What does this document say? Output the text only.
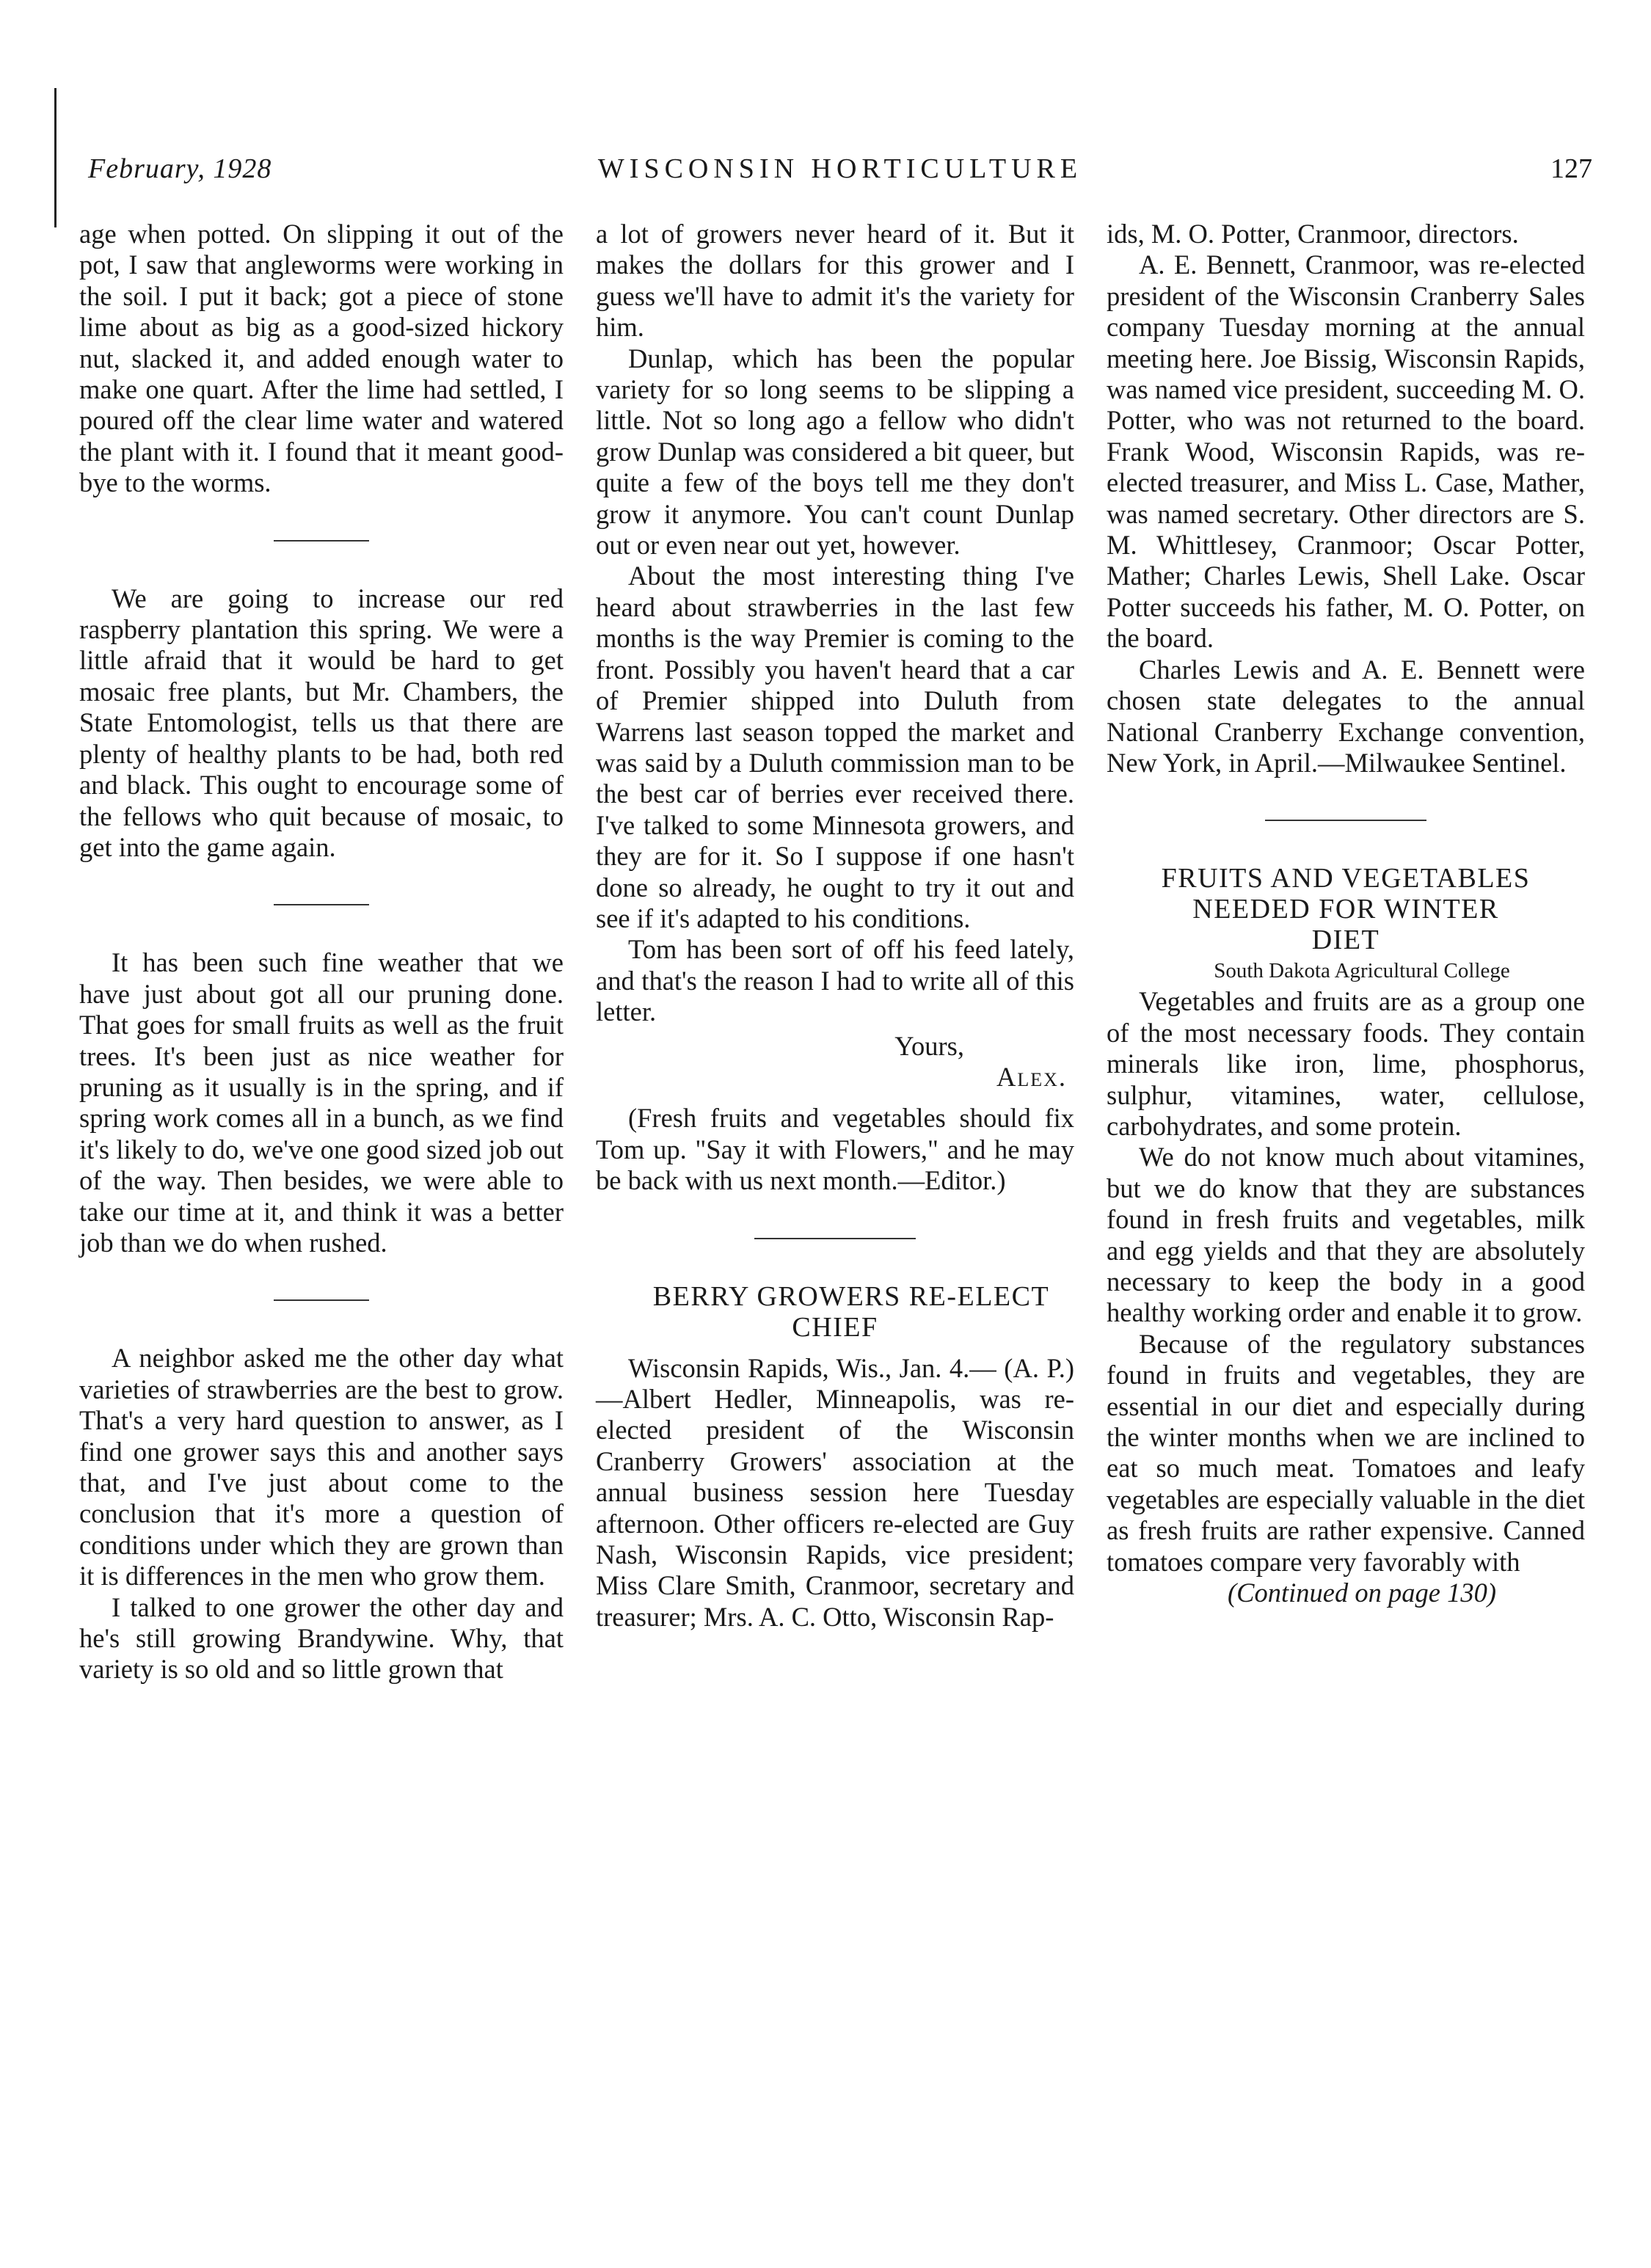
February, 1928	WISCONSIN HORTICULTURE	127

age when potted. On slipping it out of the pot, I saw that angleworms were working in the soil. I put it back; got a piece of stone lime about as big as a good-sized hickory nut, slacked it, and added enough water to make one quart. After the lime had settled, I poured off the clear lime water and watered the plant with it. I found that it meant good-bye to the worms.

We are going to increase our red raspberry plantation this spring. We were a little afraid that it would be hard to get mosaic free plants, but Mr. Chambers, the State Entomologist, tells us that there are plenty of healthy plants to be had, both red and black. This ought to encourage some of the fellows who quit because of mosaic, to get into the game again.

It has been such fine weather that we have just about got all our pruning done. That goes for small fruits as well as the fruit trees. It's been just as nice weather for pruning as it usually is in the spring, and if spring work comes all in a bunch, as we find it's likely to do, we've one good sized job out of the way. Then besides, we were able to take our time at it, and think it was a better job than we do when rushed.

A neighbor asked me the other day what varieties of strawberries are the best to grow. That's a very hard question to answer, as I find one grower says this and another says that, and I've just about come to the conclusion that it's more a question of conditions under which they are grown than it is differences in the men who grow them.

I talked to one grower the other day and he's still growing Brandywine. Why, that variety is so old and so little grown that

a lot of growers never heard of it. But it makes the dollars for this grower and I guess we'll have to admit it's the variety for him.

Dunlap, which has been the popular variety for so long seems to be slipping a little. Not so long ago a fellow who didn't grow Dunlap was considered a bit queer, but quite a few of the boys tell me they don't grow it anymore. You can't count Dunlap out or even near out yet, however.

About the most interesting thing I've heard about strawberries in the last few months is the way Premier is coming to the front. Possibly you haven't heard that a car of Premier shipped into Duluth from Warrens last season topped the market and was said by a Duluth commission man to be the best car of berries ever received there. I've talked to some Minnesota growers, and they are for it. So I suppose if one hasn't done so already, he ought to try it out and see if it's adapted to his conditions.

Tom has been sort of off his feed lately, and that's the reason I had to write all of this letter.

Yours,

Alex.

(Fresh fruits and vegetables should fix Tom up. "Say it with Flowers," and he may be back with us next month.—Editor.)

BERRY GROWERS RE-ELECT CHIEF

Wisconsin Rapids, Wis., Jan. 4.— (A. P.) —Albert Hedler, Minneapolis, was re-elected president of the Wisconsin Cranberry Growers' association at the annual business session here Tuesday afternoon. Other officers re-elected are Guy Nash, Wisconsin Rapids, vice president; Miss Clare Smith, Cranmoor, secretary and treasurer; Mrs. A. C. Otto, Wisconsin Rap-

ids, M. O. Potter, Cranmoor, directors.

A. E. Bennett, Cranmoor, was re-elected president of the Wisconsin Cranberry Sales company Tuesday morning at the annual meeting here. Joe Bissig, Wisconsin Rapids, was named vice president, succeeding M. O. Potter, who was not returned to the board. Frank Wood, Wisconsin Rapids, was re-elected treasurer, and Miss L. Case, Mather, was named secretary. Other directors are S. M. Whittlesey, Cranmoor; Oscar Potter, Mather; Charles Lewis, Shell Lake. Oscar Potter succeeds his father, M. O. Potter, on the board.

Charles Lewis and A. E. Bennett were chosen state delegates to the annual National Cranberry Exchange convention, New York, in April.—Milwaukee Sentinel.

FRUITS AND VEGETABLES
NEEDED FOR WINTER
DIET

South Dakota Agricultural College

Vegetables and fruits are as a group one of the most necessary foods. They contain minerals like iron, lime, phosphorus, sulphur, vitamines, water, cellulose, carbohydrates, and some protein.

We do not know much about vitamines, but we do know that they are substances found in fresh fruits and vegetables, milk and egg yields and that they are absolutely necessary to keep the body in a good healthy working order and enable it to grow.

Because of the regulatory substances found in fruits and vegetables, they are essential in our diet and especially during the winter months when we are inclined to eat so much meat. Tomatoes and leafy vegetables are especially valuable in the diet as fresh fruits are rather expensive. Canned tomatoes compare very favorably with

(Continued on page 130)
